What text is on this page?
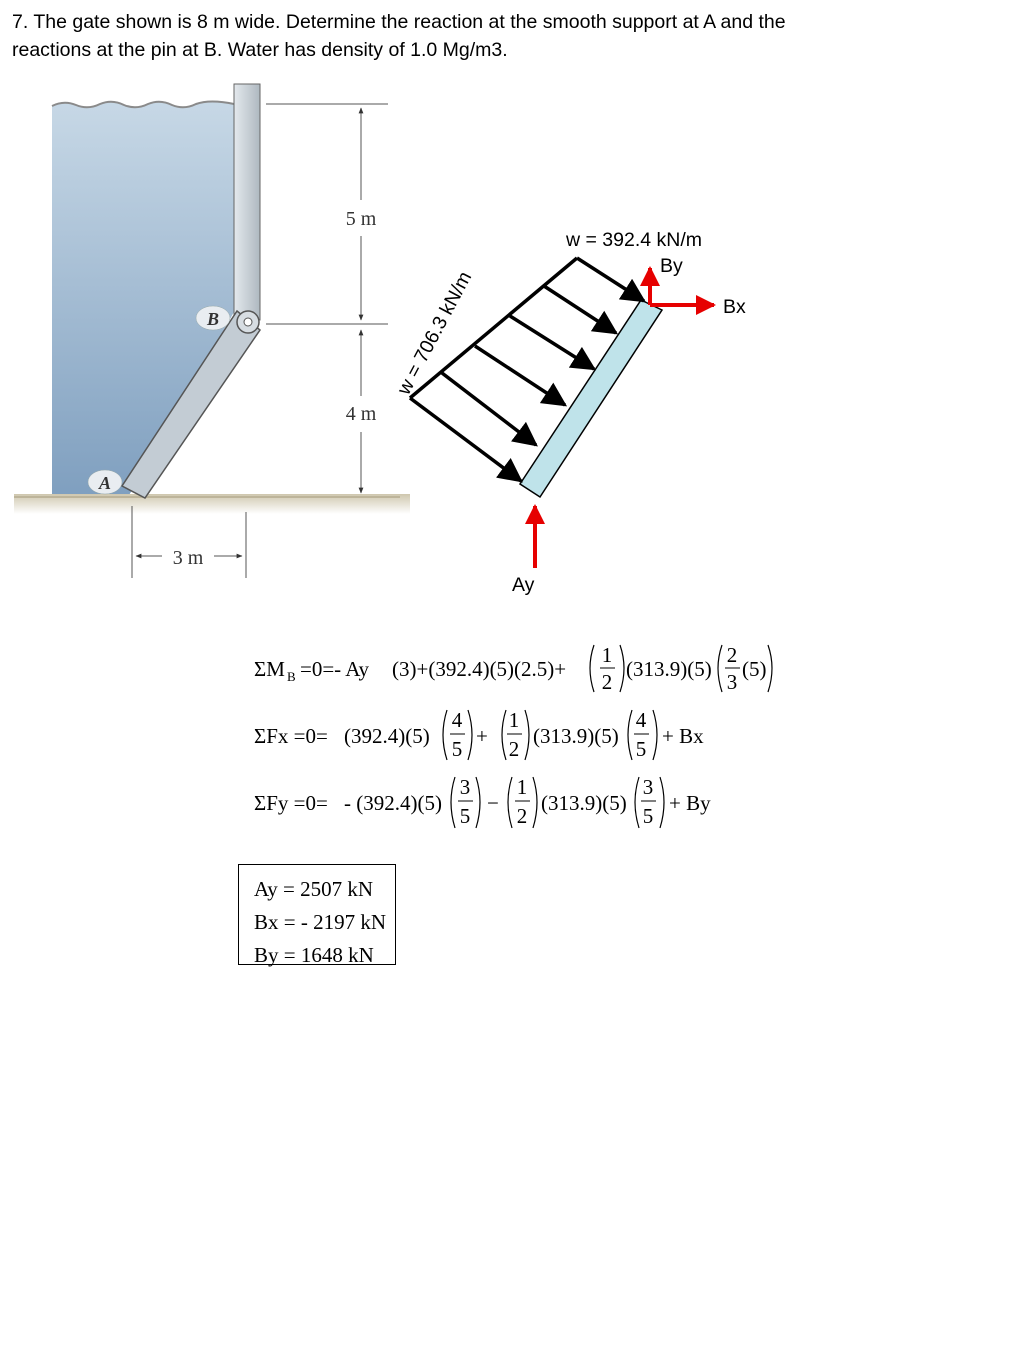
7. The gate shown is 8 m wide. Determine the reaction at the smooth support at A and the

reactions at the pin at B. Water has density of 1.0 Mg/m3.

B
A
5 m
4 m
3 m
w = 392.4 kN/m
w = 706.3 kN/m
By
Bx
Ay
ΣM B =0=- Ay (3)+(392.4)(5)(2.5)+
1
2
(313.9)(5)
2
3
(5)
ΣFx =0= (392.4)(5)
4
5
+
1
2
(313.9)(5)
4
5
+ Bx
ΣFy =0= - (392.4)(5)
3
5
−
1
2
(313.9)(5)
3
5
+ By
Ay = 2507 kN
Bx = - 2197 kN
By = 1648 kN
